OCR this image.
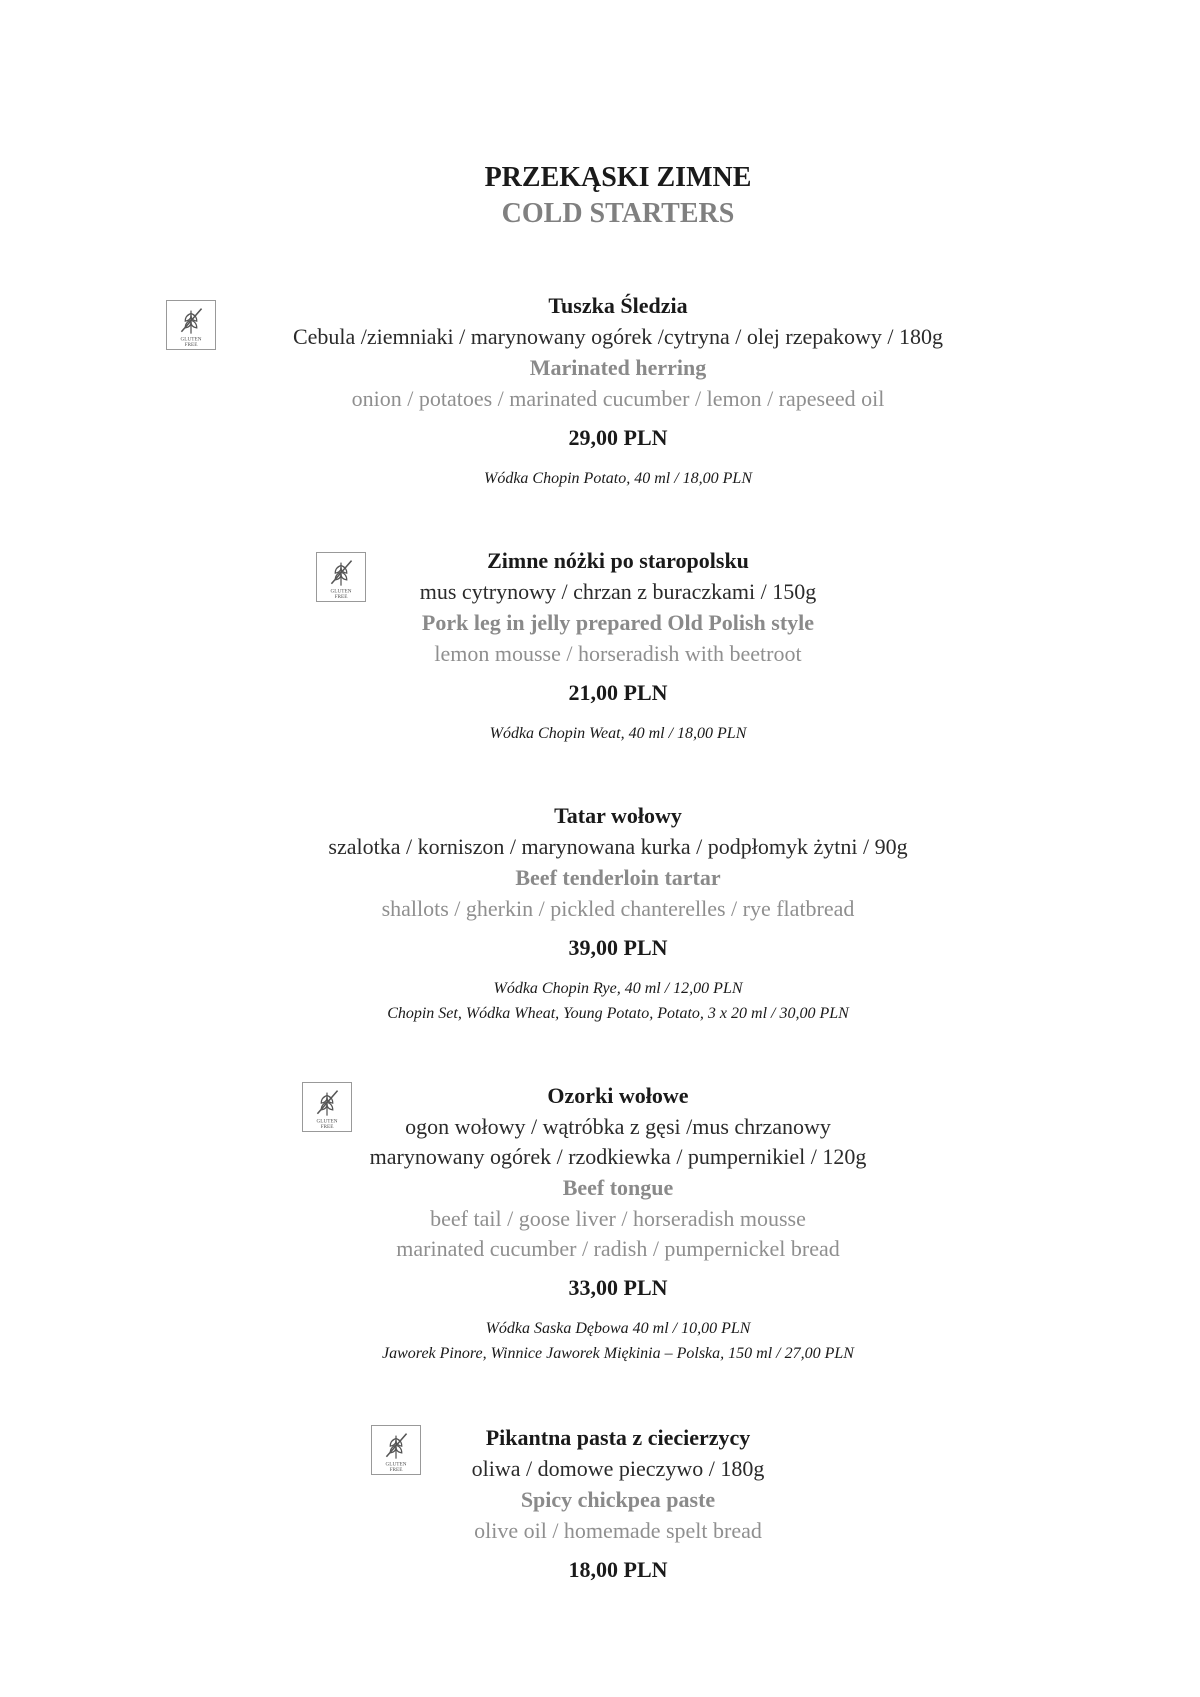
PRZEKĄSKI ZIMNE
COLD STARTERS
Tuszka Śledzia
Cebula /ziemniaki / marynowany ogórek /cytryna / olej rzepakowy / 180g
Marinated herring
onion / potatoes / marinated cucumber / lemon / rapeseed oil
29,00 PLN
Wódka Chopin Potato, 40 ml / 18,00 PLN
GLUTEN
FREE
Zimne nóżki po staropolsku
mus cytrynowy / chrzan z buraczkami / 150g
Pork leg in jelly prepared Old Polish style
lemon mousse / horseradish with beetroot
21,00 PLN
Wódka Chopin Weat, 40 ml / 18,00 PLN
GLUTEN
FREE
Tatar wołowy
szalotka / korniszon / marynowana kurka / podpłomyk żytni / 90g
Beef tenderloin tartar
shallots / gherkin / pickled chanterelles / rye flatbread
39,00 PLN
Wódka Chopin Rye, 40 ml / 12,00 PLN
Chopin Set, Wódka Wheat, Young Potato, Potato, 3 x 20 ml / 30,00 PLN
Ozorki wołowe
ogon wołowy / wątróbka z gęsi /mus chrzanowy
marynowany ogórek / rzodkiewka / pumpernikiel / 120g
Beef tongue
beef tail / goose liver / horseradish mousse
marinated cucumber / radish / pumpernickel bread
33,00 PLN
Wódka Saska Dębowa 40 ml / 10,00 PLN
Jaworek Pinore, Winnice Jaworek Miękinia – Polska, 150 ml / 27,00 PLN
GLUTEN
FREE
Pikantna pasta z ciecierzycy
oliwa / domowe pieczywo / 180g
Spicy chickpea paste
olive oil / homemade spelt bread
18,00 PLN
GLUTEN
FREE
